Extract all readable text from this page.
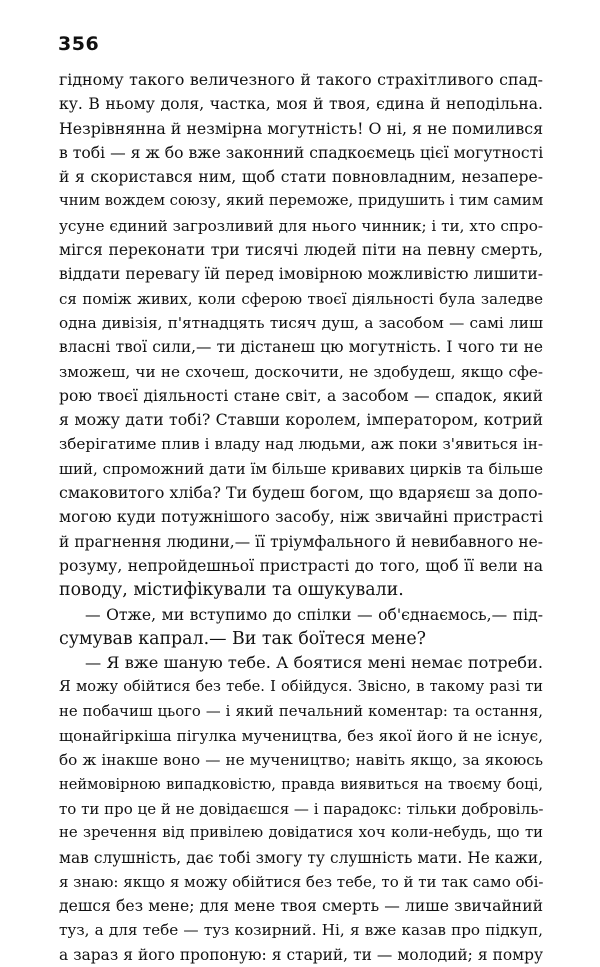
356
гідному такого величезного й такого страхітливого спад-
ку. В ньому доля, частка, моя й твоя, єдина й неподільна.
Незрівнянна й незмірна могутність! О ні, я не помилився
в тобі — я ж бо вже законний спадкоємець цієї могутності
й я скористався ним, щоб стати повновладним, незапере-
чним вождем союзу, який переможе, придушить і тим самим
усуне єдиний загрозливий для нього чинник; і ти, хто спро-
мігся переконати три тисячі людей піти на певну смерть,
віддати перевагу їй перед імовірною можливістю лишити-
ся поміж живих, коли сферою твоєї діяльності була заледве
одна дивізія, п'ятнадцять тисяч душ, а засобом — самі лиш
власні твої сили,— ти дістанеш цю могутність. І чого ти не
зможеш, чи не схочеш, доскочити, не здобудеш, якщо сфе-
рою твоєї діяльності стане світ, а засобом — спадок, який
я можу дати тобі? Ставши королем, імператором, котрий
зберігатиме плив і владу над людьми, аж поки з'явиться ін-
ший, спроможний дати їм більше кривавих цирків та більше
смаковитого хліба? Ти будеш богом, що вдаряєш за допо-
могою куди потужнішого засобу, ніж звичайні пристрасті
й прагнення людини,— її тріумфального й невибавного не-
розуму, непройдешньої пристрасті до того, щоб її вели на
поводу, містифікували та ошукували.
— Отже, ми вступимо до спілки — об'єднаємось,— під-
сумував капрал.— Ви так боїтеся мене?
— Я вже шаную тебе. А боятися мені немає потреби.
Я можу обійтися без тебе. І обійдуся. Звісно, в такому разі ти
не побачиш цього — і який печальний коментар: та остання,
щонайгіркіша пігулка мучеництва, без якої його й не існує,
бо ж інакше воно — не мучеництво; навіть якщо, за якоюсь
неймовірною випадковістю, правда виявиться на твоєму боці,
то ти про це й не довідаєшся — і парадокс: тільки добровіль-
не зречення від привілею довідатися хоч коли-небудь, що ти
мав слушність, дає тобі змогу ту слушність мати. Не кажи,
я знаю: якщо я можу обійтися без тебе, то й ти так само обі-
дешся без мене; для мене твоя смерть — лише звичайний
туз, а для тебе — туз козирний. Ні, я вже казав про підкуп,
а зараз я його пропоную: я старий, ти — молодий; я помру
